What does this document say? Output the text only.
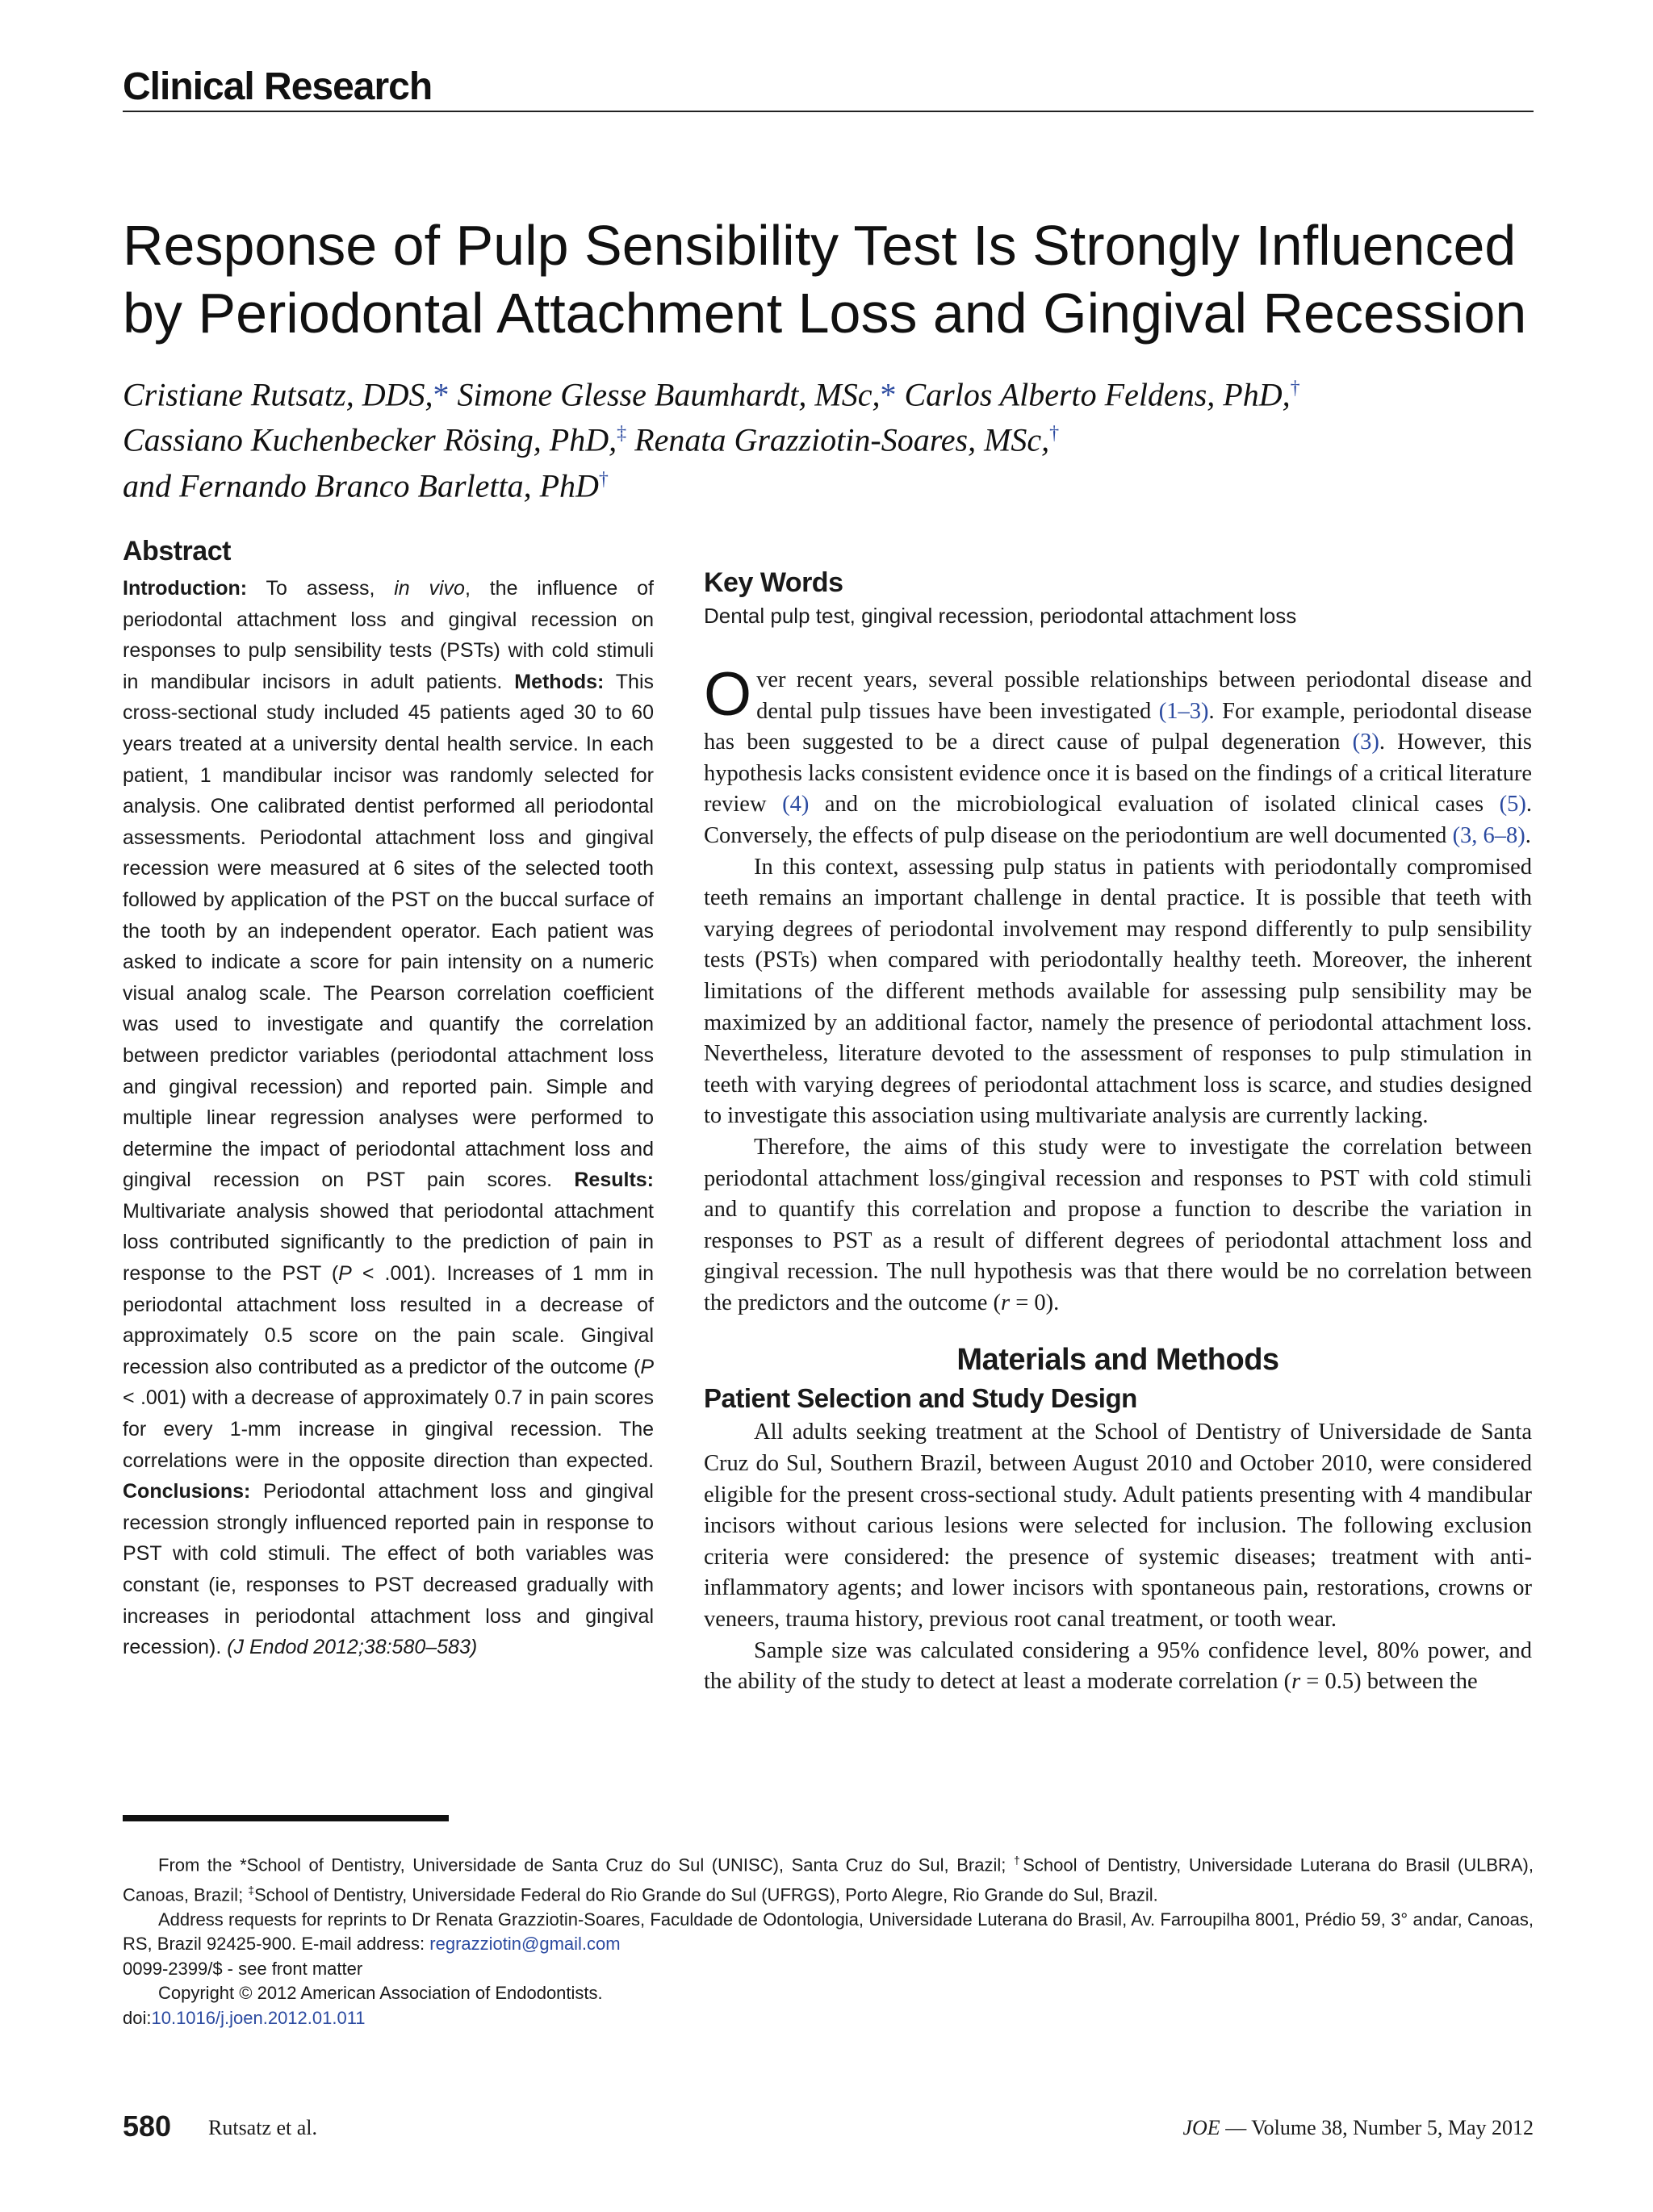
Clinical Research
Response of Pulp Sensibility Test Is Strongly Influenced
by Periodontal Attachment Loss and Gingival Recession
Cristiane Rutsatz, DDS,* Simone Glesse Baumhardt, MSc,* Carlos Alberto Feldens, PhD,†
Cassiano Kuchenbecker Rösing, PhD,‡ Renata Grazziotin-Soares, MSc,†
and Fernando Branco Barletta, PhD†
Abstract

Introduction: To assess, in vivo, the influence of periodontal attachment loss and gingival recession on responses to pulp sensibility tests (PSTs) with cold stimuli in mandibular incisors in adult patients. Methods: This cross-sectional study included 45 patients aged 30 to 60 years treated at a university dental health service. In each patient, 1 mandibular incisor was randomly selected for analysis. One calibrated dentist performed all periodontal assessments. Periodontal attachment loss and gingival recession were measured at 6 sites of the selected tooth followed by application of the PST on the buccal surface of the tooth by an independent operator. Each patient was asked to indicate a score for pain intensity on a numeric visual analog scale. The Pearson correlation coefficient was used to investigate and quantify the correlation between predictor variables (periodontal attachment loss and gingival recession) and reported pain. Simple and multiple linear regression analyses were performed to determine the impact of periodontal attachment loss and gingival recession on PST pain scores. Results: Multivariate analysis showed that periodontal attachment loss contributed significantly to the prediction of pain in response to the PST (P < .001). Increases of 1 mm in periodontal attachment loss resulted in a decrease of approximately 0.5 score on the pain scale. Gingival recession also contributed as a predictor of the outcome (P < .001) with a decrease of approximately 0.7 in pain scores for every 1-mm increase in gingival recession. The correlations were in the opposite direction than expected. Conclusions: Periodontal attachment loss and gingival recession strongly influenced reported pain in response to PST with cold stimuli. The effect of both variables was constant (ie, responses to PST decreased gradually with increases in periodontal attachment loss and gingival recession). (J Endod 2012;38:580–583)

Key Words
Dental pulp test, gingival recession, periodontal attachment loss

Over recent years, several possible relationships between periodontal disease and dental pulp tissues have been investigated (1–3). For example, periodontal disease has been suggested to be a direct cause of pulpal degeneration (3). However, this hypothesis lacks consistent evidence once it is based on the findings of a critical literature review (4) and on the microbiological evaluation of isolated clinical cases (5). Conversely, the effects of pulp disease on the periodontium are well documented (3, 6–8).

In this context, assessing pulp status in patients with periodontally compromised teeth remains an important challenge in dental practice. It is possible that teeth with varying degrees of periodontal involvement may respond differently to pulp sensibility tests (PSTs) when compared with periodontally healthy teeth. Moreover, the inherent limitations of the different methods available for assessing pulp sensibility may be maximized by an additional factor, namely the presence of periodontal attachment loss. Nevertheless, literature devoted to the assessment of responses to pulp stimulation in teeth with varying degrees of periodontal attachment loss is scarce, and studies designed to investigate this association using multivariate analysis are currently lacking.

Therefore, the aims of this study were to investigate the correlation between periodontal attachment loss/gingival recession and responses to PST with cold stimuli and to quantify this correlation and propose a function to describe the variation in responses to PST as a result of different degrees of periodontal attachment loss and gingival recession. The null hypothesis was that there would be no correlation between the predictors and the outcome (r = 0).

Materials and Methods
Patient Selection and Study Design

All adults seeking treatment at the School of Dentistry of Universidade de Santa Cruz do Sul, Southern Brazil, between August 2010 and October 2010, were considered eligible for the present cross-sectional study. Adult patients presenting with 4 mandibular incisors without carious lesions were selected for inclusion. The following exclusion criteria were considered: the presence of systemic diseases; treatment with anti-inflammatory agents; and lower incisors with spontaneous pain, restorations, crowns or veneers, trauma history, previous root canal treatment, or tooth wear.

Sample size was calculated considering a 95% confidence level, 80% power, and the ability of the study to detect at least a moderate correlation (r = 0.5) between the

From the *School of Dentistry, Universidade de Santa Cruz do Sul (UNISC), Santa Cruz do Sul, Brazil; †School of Dentistry, Universidade Luterana do Brasil (ULBRA), Canoas, Brazil; ‡School of Dentistry, Universidade Federal do Rio Grande do Sul (UFRGS), Porto Alegre, Rio Grande do Sul, Brazil.

Address requests for reprints to Dr Renata Grazziotin-Soares, Faculdade de Odontologia, Universidade Luterana do Brasil, Av. Farroupilha 8001, Prédio 59, 3° andar, Canoas, RS, Brazil 92425-900. E-mail address: regrazziotin@gmail.com

0099-2399/$ - see front matter

Copyright © 2012 American Association of Endodontists.

doi:10.1016/j.joen.2012.01.011

580 Rutsatz et al.	JOE — Volume 38, Number 5, May 2012
